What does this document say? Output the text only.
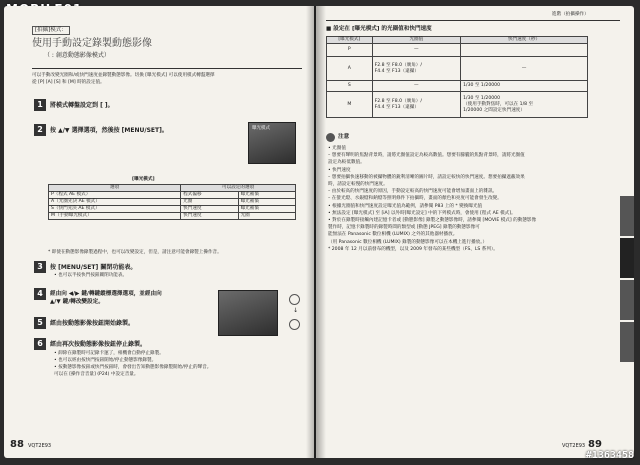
[拍攝]模式：
使用手動設定錄製動態影像
（ : 創意動態影像模式）
可以手動改變光圈和/或快門速度並錄製動態影像。切換 [曝光模式] 可以使用模式轉盤選擇
從 [P] [A] [S] 和 [M] 時的設定值。
1	將模式轉盤設定到 [ ]。
2	按 ▲/▼ 選擇選項，然後按 [MENU/SET]。	曝光模式
[曝光模式]
選項	可以設定的選項	
P（程式 AE 模式）	程式偏移	曝光補償
A（光圈先決 AE 模式）	光圈	曝光補償
S（快門先決 AE 模式）	快門速度	曝光補償
M（手動曝光模式）	快門速度	光圈
* 即使在動態影像錄製過程中，也可以改變設定，但是，請注意可能會錄製上操作音。
3	按 [MENU/SET] 關閉功能表。
• 也可以半按快門按鈕關閉功能表。
4	經由向 ◀/▶ 鍵/轉鍵縱標選擇選項，並經由向
▲/▼ 鍵/轉改變設定。
↓
5	經由按動態影像按鈕開始錄製。
6	經由再次按動態影像按鈕停止錄製。
• 卸除在錄製時可記錄卡運了，相機會自動停止錄製。
• 也可以經由按快門按鈕開始/停止動態影像錄製。
• 按動態影像按鈕或快門按鈕時，會發出告知動態影像錄製開始/停止的聲音。
可以在 [操作音音量] (P24) 中設定音量。
88 VQT2E93
進階（拍攝操作）
■ 設定在 [曝光模式] 的光圈值和快門速度
[曝光模式]	光圈值	快門速度（秒）
P	—	
A	F2.8 至 F8.0（廣角）/
F4.4 至 F13（遠攝）	—
S	—	1/30 至 1/20000
M	F2.8 至 F8.0（廣角）/
F4.4 至 F13（遠攝）	1/30 至 1/20000
（使用手動對焦時，可以在 1/8 至
1/20000 之間設定快門速度）
注意
• 光圈值
– 想要有聲明的焦點背景時，請將光圈值設定為較高數值。想要有朦朧的焦點背景時，請將光圈值
設定為較低數值。
• 快門速度
– 想要拍攝快速移動的被攝物體的銳利清晰的圖片時，請設定較快的快門速度。想要拍攝遮蔽效果
時，請設定較慢的快門速度。
– 由於較高的快門速度的原因，手動設定較高的快門速度可能會增加畫面上的雜訊。
– 在螢光燈、水銀燈和鈉燈等照明條件下拍攝時，畫面的顏色和亮度可能會發生改變。
• 根據光圈值和快門速度設定曝光值為範例，請參閱 P83 上的 * 變換曝光值
• 無法設定 [曝光模式] 至 [iA] 以外時[曝光設定] 中的下列模式時，會使用 [程式 AE 模式]。
• 對於在錄製時接觸內建記憶卡者或 [動態影像] 錄製之動態影像時，請參閱 [MOVIE 模式] 的動態影像
製作時，記憶卡錄製時的錄製時間的類型或 [動態 JPEG] 錄製的動態影像可
能無法在 Panasonic 數位相機 (LUMIX) 之外的其他器材播放。
（用 Panasonic 數位相機 (LUMIX) 錄製的動態影像可以在本機上進行播放。）
* 2008 年 12 月以前發布的機型，以及 2009 年發布的某些機型（FS、LS 系列）。
VQT2E93 89
#1363458
